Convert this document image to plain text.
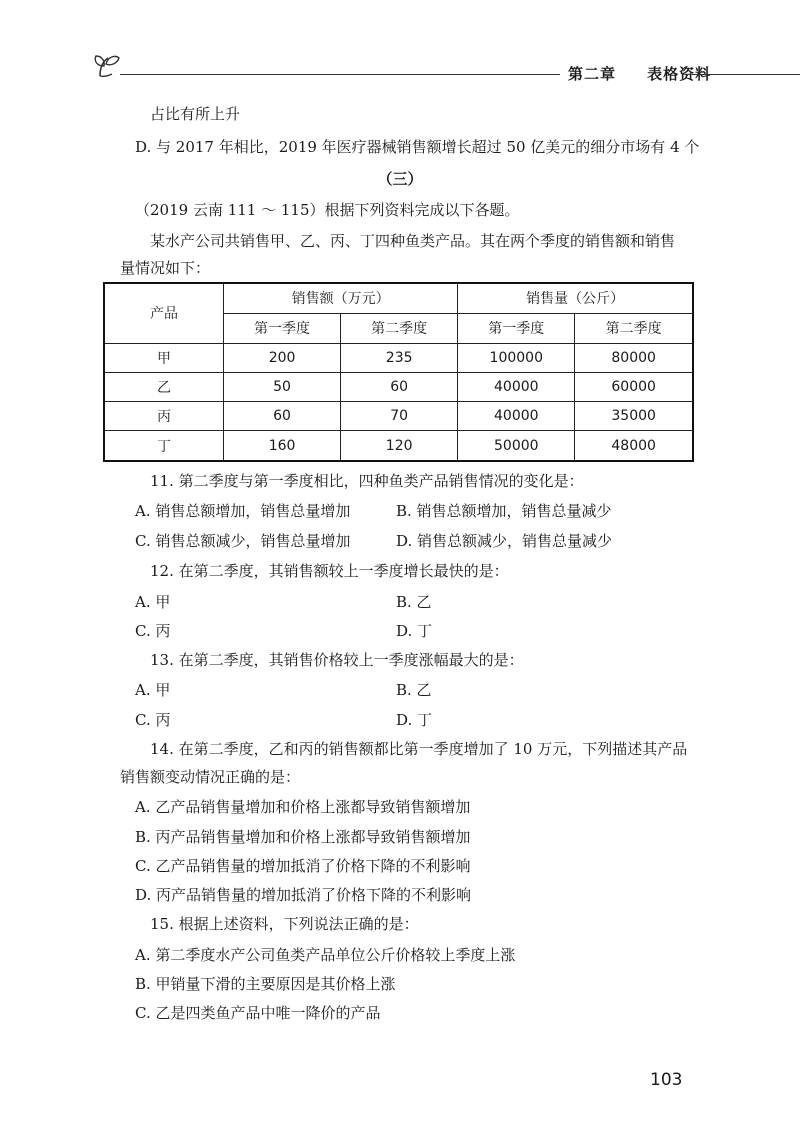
第二章 表格资料
占比有所上升
D. 与 2017 年相比，2019 年医疗器械销售额增长超过 50 亿美元的细分市场有 4 个
（三）
（2019 云南 111 ～ 115）根据下列资料完成以下各题。
某水产公司共销售甲、乙、丙、丁四种鱼类产品。其在两个季度的销售额和销售
量情况如下：
产品	销售额（万元）		销售量（公斤）	
	第一季度	第二季度	第一季度	第二季度
甲	200	235	100000	80000
乙	50	60	40000	60000
丙	60	70	40000	35000
丁	160	120	50000	48000
11. 第二季度与第一季度相比，四种鱼类产品销售情况的变化是：
A. 销售总额增加，销售总量增加	B. 销售总额增加，销售总量减少
C. 销售总额减少，销售总量增加	D. 销售总额减少，销售总量减少
12. 在第二季度，其销售额较上一季度增长最快的是：
A. 甲	B. 乙
C. 丙	D. 丁
13. 在第二季度，其销售价格较上一季度涨幅最大的是：
A. 甲	B. 乙
C. 丙	D. 丁
14. 在第二季度，乙和丙的销售额都比第一季度增加了 10 万元，下列描述其产品
销售额变动情况正确的是：
A. 乙产品销售量增加和价格上涨都导致销售额增加
B. 丙产品销售量增加和价格上涨都导致销售额增加
C. 乙产品销售量的增加抵消了价格下降的不利影响
D. 丙产品销售量的增加抵消了价格下降的不利影响
15. 根据上述资料，下列说法正确的是：
A. 第二季度水产公司鱼类产品单位公斤价格较上季度上涨
B. 甲销量下滑的主要原因是其价格上涨
C. 乙是四类鱼产品中唯一降价的产品
103
